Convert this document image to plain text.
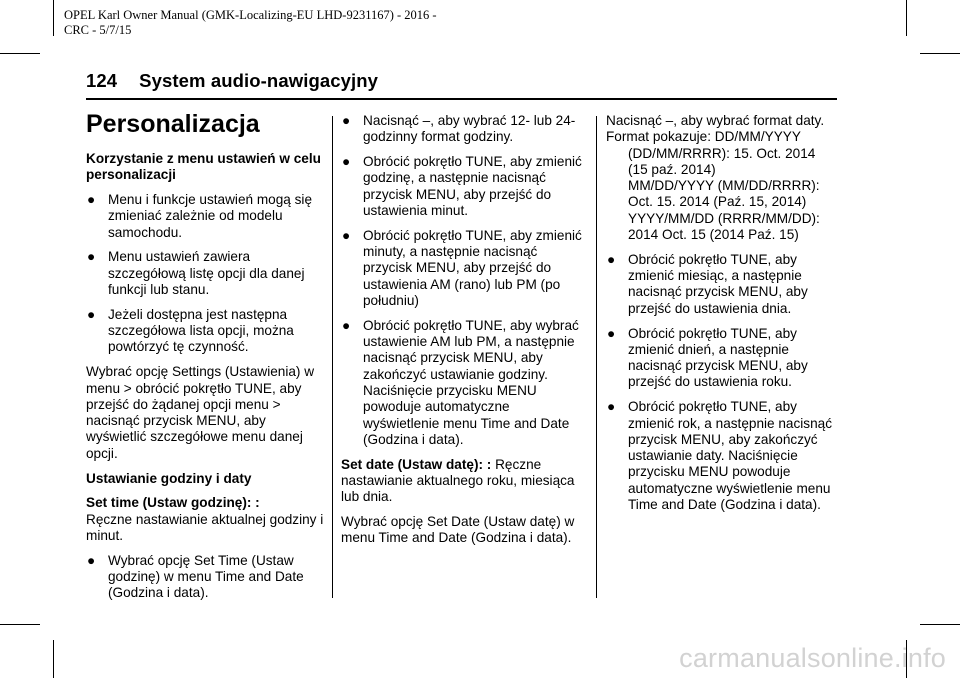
OPEL Karl Owner Manual (GMK-Localizing-EU LHD-9231167) - 2016 -
CRC - 5/7/15
124 System audio-nawigacyjny
Personalizacja

Korzystanie z menu ustawień w celu personalizacji

● Menu i funkcje ustawień mogą się zmieniać zależnie od modelu samochodu.
● Menu ustawień zawiera szczegółową listę opcji dla danej funkcji lub stanu.
● Jeżeli dostępna jest następna szczegółowa lista opcji, można powtórzyć tę czynność.

Wybrać opcję Settings (Ustawienia) w menu > obrócić pokrętło TUNE, aby przejść do żądanej opcji menu > nacisnąć przycisk MENU, aby wyświetlić szczegółowe menu danej opcji.

Ustawianie godziny i daty

Set time (Ustaw godzinę): :
Ręczne nastawianie aktualnej godziny i minut.

● Wybrać opcję Set Time (Ustaw godzinę) w menu Time and Date (Godzina i data).
● Nacisnąć –, aby wybrać 12- lub 24-godzinny format godziny.
● Obrócić pokrętło TUNE, aby zmienić godzinę, a następnie nacisnąć przycisk MENU, aby przejść do ustawienia minut.
● Obrócić pokrętło TUNE, aby zmienić minuty, a następnie nacisnąć przycisk MENU, aby przejść do ustawienia AM (rano) lub PM (po południu)
● Obrócić pokrętło TUNE, aby wybrać ustawienie AM lub PM, a następnie nacisnąć przycisk MENU, aby zakończyć ustawianie godziny. Naciśnięcie przycisku MENU powoduje automatyczne wyświetlenie menu Time and Date (Godzina i data).

Set date (Ustaw datę): : Ręczne nastawianie aktualnego roku, miesiąca lub dnia.

Wybrać opcję Set Date (Ustaw datę) w menu Time and Date (Godzina i data).

Nacisnąć –, aby wybrać format daty.
Format pokazuje: DD/MM/YYYY
(DD/MM/RRRR): 15. Oct. 2014
(15 paź. 2014)
MM/DD/YYYY (MM/DD/RRRR):
Oct. 15. 2014 (Paź. 15, 2014)
YYYY/MM/DD (RRRR/MM/DD):
2014 Oct. 15 (2014 Paź. 15)
● Obrócić pokrętło TUNE, aby zmienić miesiąc, a następnie nacisnąć przycisk MENU, aby przejść do ustawienia dnia.
● Obrócić pokrętło TUNE, aby zmienić dnień, a następnie nacisnąć przycisk MENU, aby przejść do ustawienia roku.
● Obrócić pokrętło TUNE, aby zmienić rok, a następnie nacisnąć przycisk MENU, aby zakończyć ustawianie daty. Naciśnięcie przycisku MENU powoduje automatyczne wyświetlenie menu Time and Date (Godzina i data).
carmanualsonline.info
